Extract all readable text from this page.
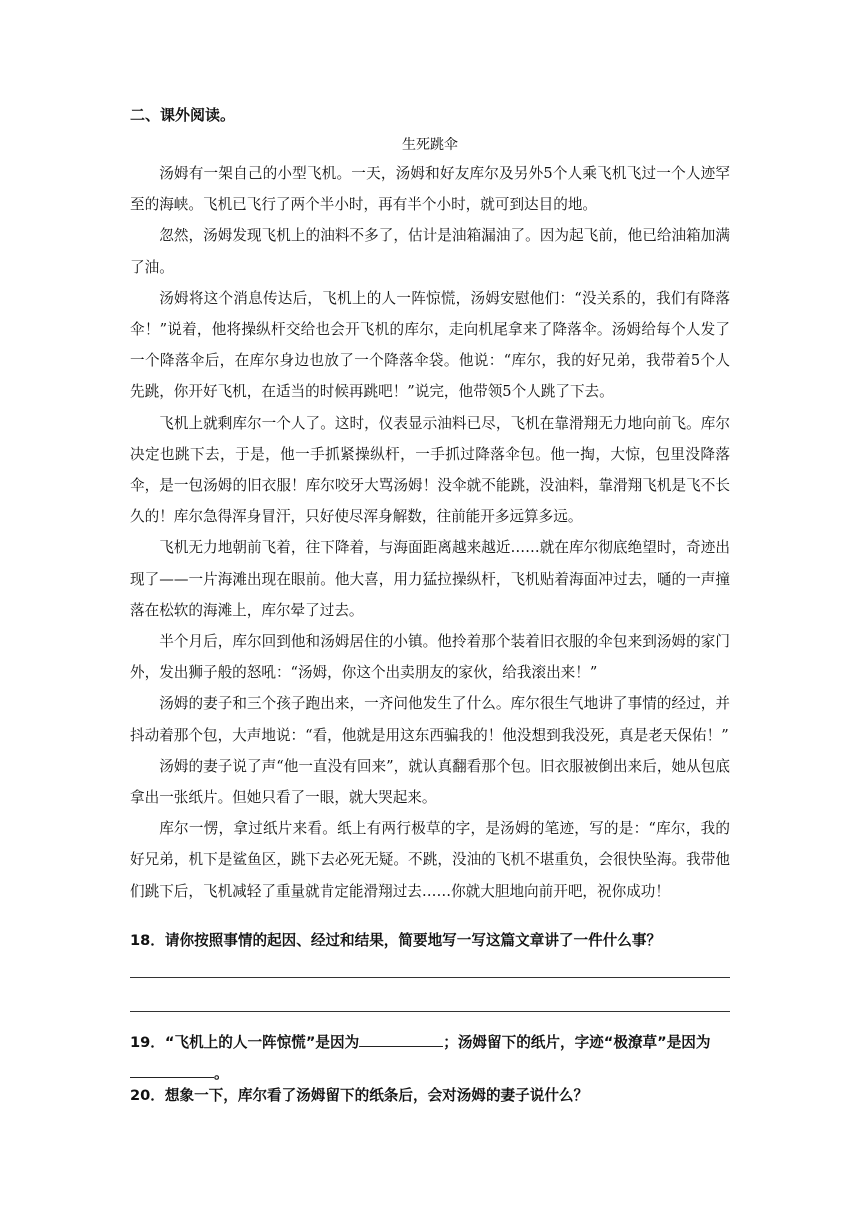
二、课外阅读。
生死跳伞

汤姆有一架自己的小型飞机。一天，汤姆和好友库尔及另外5个人乘飞机飞过一个人迹罕至的海峡。飞机已飞行了两个半小时，再有半个小时，就可到达目的地。

忽然，汤姆发现飞机上的油料不多了，估计是油箱漏油了。因为起飞前，他已给油箱加满了油。

汤姆将这个消息传达后，飞机上的人一阵惊慌，汤姆安慰他们：“没关系的，我们有降落伞！”说着，他将操纵杆交给也会开飞机的库尔，走向机尾拿来了降落伞。汤姆给每个人发了一个降落伞后，在库尔身边也放了一个降落伞袋。他说：“库尔，我的好兄弟，我带着5个人先跳，你开好飞机，在适当的时候再跳吧！”说完，他带领5个人跳了下去。

飞机上就剩库尔一个人了。这时，仪表显示油料已尽，飞机在靠滑翔无力地向前飞。库尔决定也跳下去，于是，他一手抓紧操纵杆，一手抓过降落伞包。他一掏，大惊，包里没降落伞，是一包汤姆的旧衣服！库尔咬牙大骂汤姆！没伞就不能跳，没油料，靠滑翔飞机是飞不长久的！库尔急得浑身冒汗，只好使尽浑身解数，往前能开多远算多远。

飞机无力地朝前飞着，往下降着，与海面距离越来越近……就在库尔彻底绝望时，奇迹出现了——一片海滩出现在眼前。他大喜，用力猛拉操纵杆，飞机贴着海面冲过去，嗵的一声撞落在松软的海滩上，库尔晕了过去。

半个月后，库尔回到他和汤姆居住的小镇。他拎着那个装着旧衣服的伞包来到汤姆的家门外，发出狮子般的怒吼：“汤姆，你这个出卖朋友的家伙，给我滚出来！”

汤姆的妻子和三个孩子跑出来，一齐问他发生了什么。库尔很生气地讲了事情的经过，并抖动着那个包，大声地说：“看，他就是用这东西骗我的！他没想到我没死，真是老天保佑！”

汤姆的妻子说了声“他一直没有回来”，就认真翻看那个包。旧衣服被倒出来后，她从包底拿出一张纸片。但她只看了一眼，就大哭起来。

库尔一愣，拿过纸片来看。纸上有两行极草的字，是汤姆的笔迹，写的是：“库尔，我的好兄弟，机下是鲨鱼区，跳下去必死无疑。不跳，没油的飞机不堪重负，会很快坠海。我带他们跳下后，飞机减轻了重量就肯定能滑翔过去……你就大胆地向前开吧，祝你成功！

18．请你按照事情的起因、经过和结果，简要地写一写这篇文章讲了一件什么事？
19．“飞机上的人一阵惊慌”是因为	；汤姆留下的纸片，字迹“极潦草”是因为。
20．想象一下，库尔看了汤姆留下的纸条后，会对汤姆的妻子说什么？
